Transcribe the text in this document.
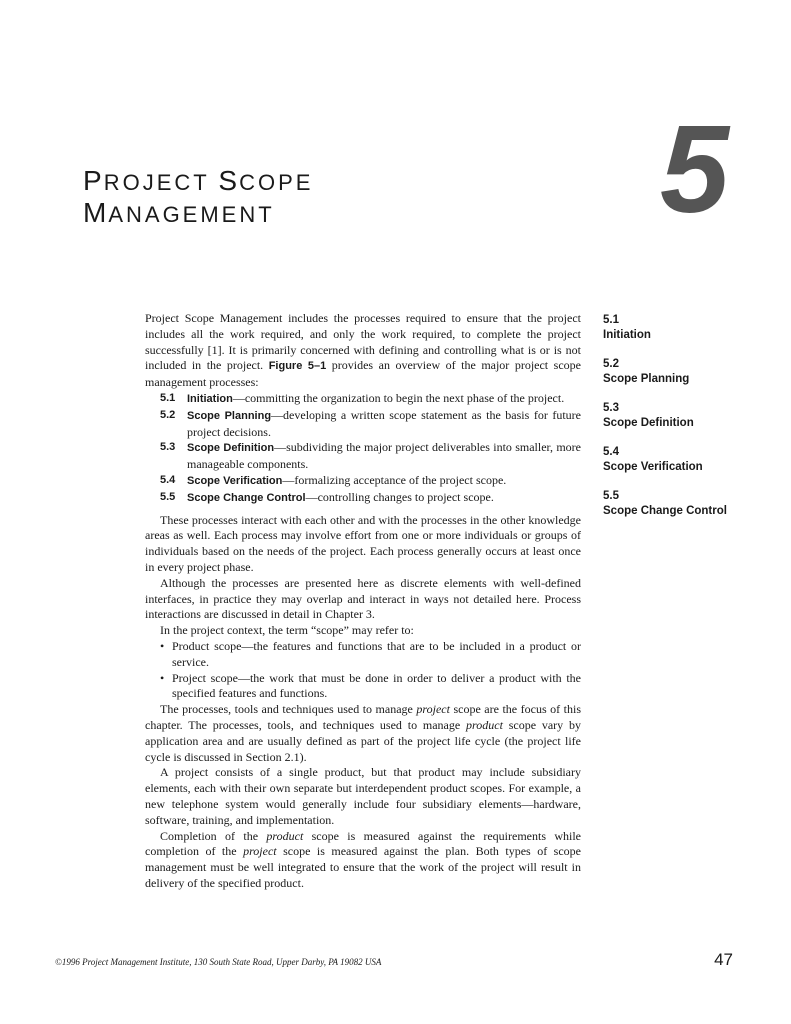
PROJECT SCOPE
MANAGEMENT	5

Project Scope Management includes the processes required to ensure that the project includes all the work required, and only the work required, to complete the project successfully [1]. It is primarily concerned with defining and controlling what is or is not included in the project. Figure 5–1 provides an overview of the major project scope management processes:

5.1	Initiation—committing the organization to begin the next phase of the project.
5.2	Scope Planning—developing a written scope statement as the basis for future project decisions.
5.3	Scope Definition—subdividing the major project deliverables into smaller, more manageable components.
5.4	Scope Verification—formalizing acceptance of the project scope.
5.5	Scope Change Control—controlling changes to project scope.

These processes interact with each other and with the processes in the other knowledge areas as well. Each process may involve effort from one or more individuals or groups of individuals based on the needs of the project. Each process generally occurs at least once in every project phase.

Although the processes are presented here as discrete elements with well-defined interfaces, in practice they may overlap and interact in ways not detailed here. Process interactions are discussed in detail in Chapter 3.

In the project context, the term “scope” may refer to:

• Product scope—the features and functions that are to be included in a product or service.
• Project scope—the work that must be done in order to deliver a product with the specified features and functions.

The processes, tools and techniques used to manage project scope are the focus of this chapter. The processes, tools, and techniques used to manage product scope vary by application area and are usually defined as part of the project life cycle (the project life cycle is discussed in Section 2.1).

A project consists of a single product, but that product may include subsidiary elements, each with their own separate but interdependent product scopes. For example, a new telephone system would generally include four subsidiary elements—hardware, software, training, and implementation.

Completion of the product scope is measured against the requirements while completion of the project scope is measured against the plan. Both types of scope management must be well integrated to ensure that the work of the project will result in delivery of the specified product.

5.1
Initiation
5.2
Scope Planning
5.3
Scope Definition
5.4
Scope Verification
5.5
Scope Change Control
©1996 Project Management Institute, 130 South State Road, Upper Darby, PA 19082 USA	47
